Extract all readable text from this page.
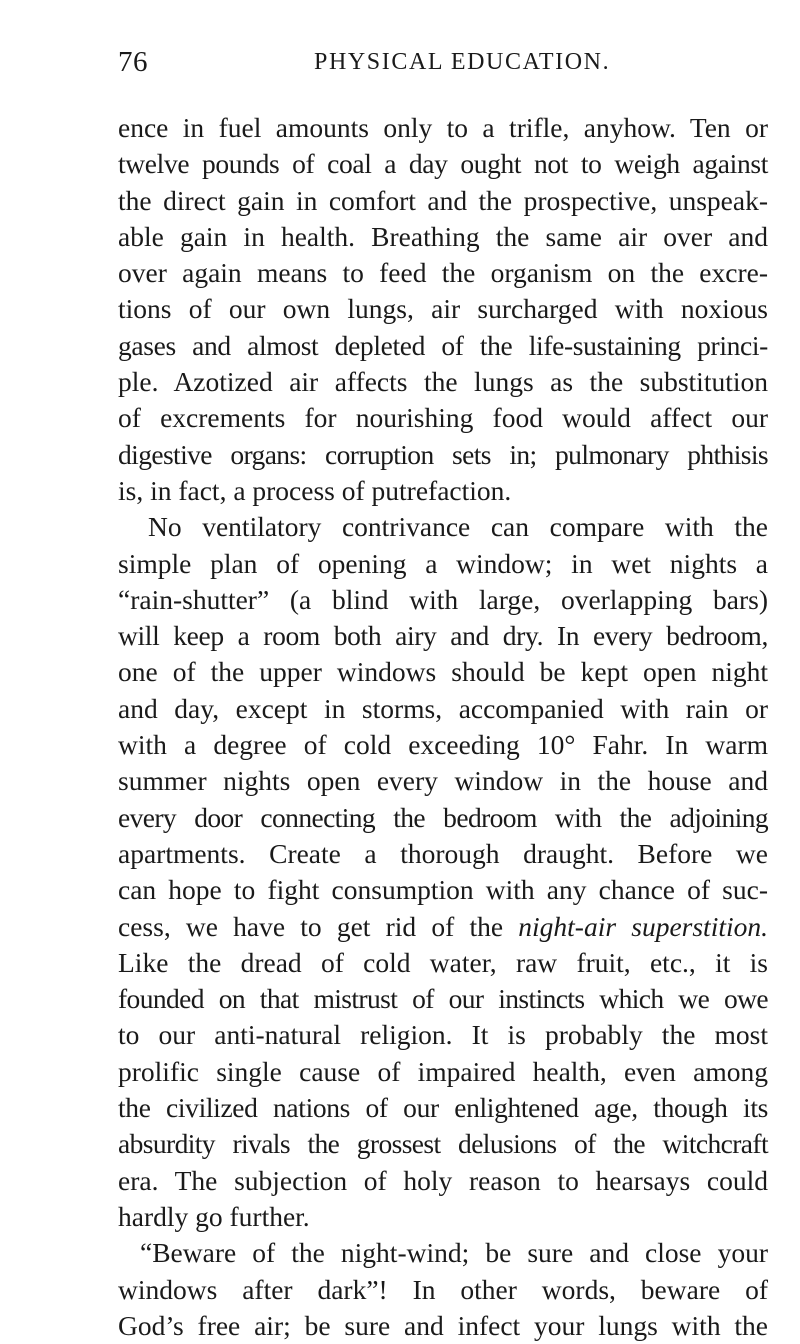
76	PHYSICAL EDUCATION.
ence in fuel amounts only to a trifle, anyhow. Ten or
twelve pounds of coal a day ought not to weigh against
the direct gain in comfort and the prospective, unspeak-
able gain in health. Breathing the same air over and
over again means to feed the organism on the excre-
tions of our own lungs, air surcharged with noxious
gases and almost depleted of the life-sustaining princi-
ple. Azotized air affects the lungs as the substitution
of excrements for nourishing food would affect our
digestive organs: corruption sets in; pulmonary phthisis
is, in fact, a process of putrefaction.
No ventilatory contrivance can compare with the
simple plan of opening a window; in wet nights a
“rain-shutter” (a blind with large, overlapping bars)
will keep a room both airy and dry. In every bedroom,
one of the upper windows should be kept open night
and day, except in storms, accompanied with rain or
with a degree of cold exceeding 10° Fahr. In warm
summer nights open every window in the house and
every door connecting the bedroom with the adjoining
apartments. Create a thorough draught. Before we
can hope to fight consumption with any chance of suc-
cess, we have to get rid of the night-air superstition.
Like the dread of cold water, raw fruit, etc., it is
founded on that mistrust of our instincts which we owe
to our anti-natural religion. It is probably the most
prolific single cause of impaired health, even among
the civilized nations of our enlightened age, though its
absurdity rivals the grossest delusions of the witchcraft
era. The subjection of holy reason to hearsays could
hardly go further.
“Beware of the night-wind; be sure and close your
windows after dark”! In other words, beware of
God’s free air; be sure and infect your lungs with the
